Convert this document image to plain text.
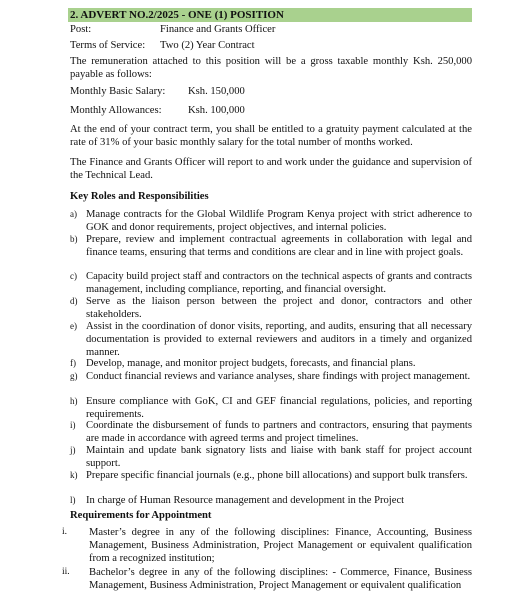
2. ADVERT NO.2/2025 - ONE (1) POSITION
Post:	Finance and Grants Officer
Terms of Service: Two (2) Year Contract

The remuneration attached to this position will be a gross taxable monthly Ksh. 250,000 payable as follows:

Monthly Basic Salary: Ksh. 150,000
Monthly Allowances: Ksh. 100,000

At the end of your contract term, you shall be entitled to a gratuity payment calculated at the rate of 31% of your basic monthly salary for the total number of months worked.

The Finance and Grants Officer will report to and work under the guidance and supervision of the Technical Lead.

Key Roles and Responsibilities
a) Manage contracts for the Global Wildlife Program Kenya project with strict adherence to GOK and donor requirements, project objectives, and internal policies.
b) Prepare, review and implement contractual agreements in collaboration with legal and finance teams, ensuring that terms and conditions are clear and in line with project goals.
c) Capacity build project staff and contractors on the technical aspects of grants and contracts management, including compliance, reporting, and financial oversight.
d) Serve as the liaison person between the project and donor, contractors and other stakeholders.
e) Assist in the coordination of donor visits, reporting, and audits, ensuring that all necessary documentation is provided to external reviewers and auditors in a timely and organized manner.
f) Develop, manage, and monitor project budgets, forecasts, and financial plans.
g) Conduct financial reviews and variance analyses, share findings with project management.
h) Ensure compliance with GoK, CI and GEF financial regulations, policies, and reporting requirements.
i) Coordinate the disbursement of funds to partners and contractors, ensuring that payments are made in accordance with agreed terms and project timelines.
j) Maintain and update bank signatory lists and liaise with bank staff for project account support.
k) Prepare specific financial journals (e.g., phone bill allocations) and support bulk transfers.
l) In charge of Human Resource management and development in the Project
Requirements for Appointment
i.	Master’s degree in any of the following disciplines: Finance, Accounting, Business Management, Business Administration, Project Management or equivalent qualification from a recognized institution;
ii.	Bachelor’s degree in any of the following disciplines: - Commerce, Finance, Business Management, Business Administration, Project Management or equivalent qualification
